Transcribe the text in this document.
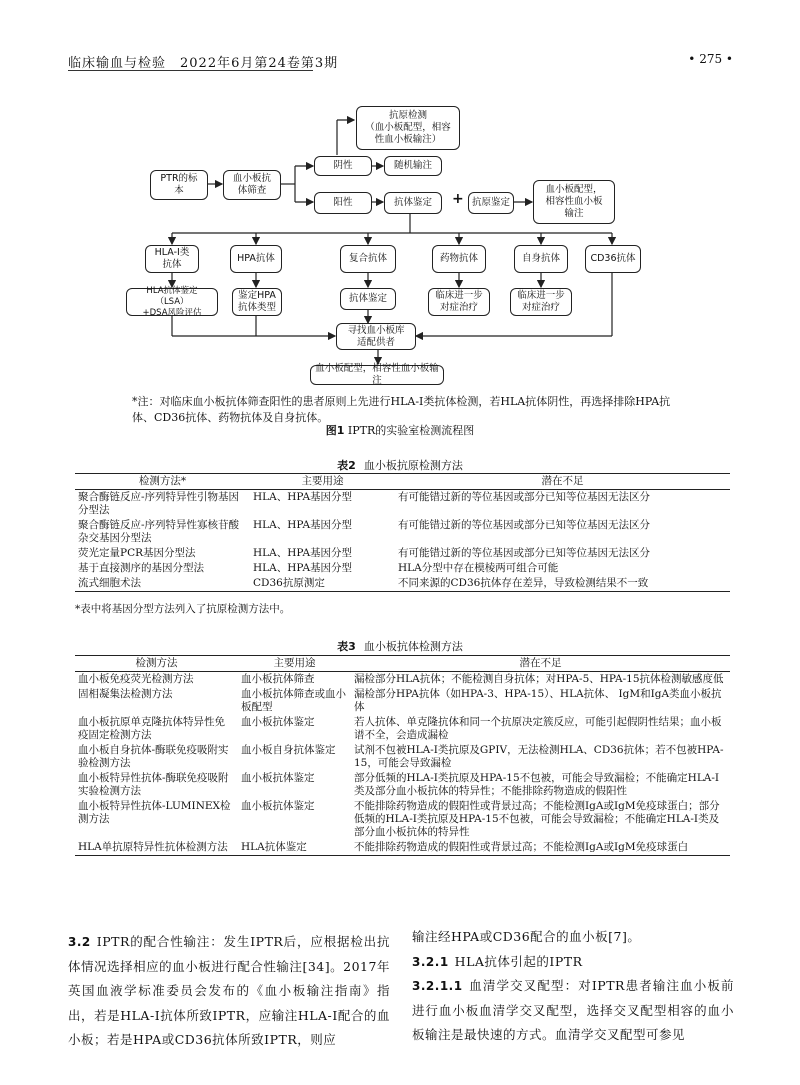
临床输血与检验　2022年6月第24卷第3期	• 275 •
抗原检测
（血小板配型，相容
性血小板输注）
PTR的标
本
血小板抗
体筛查
阴性	随机输注
阳性	抗体鉴定	+ 抗原鉴定
血小板配型，
相容性血小板
输注
HLA-I类
抗体
HPA抗体	复合抗体	药物抗体	自身抗体	CD36抗体
HLA抗体鉴定（LSA）
+DSA风险评估
鉴定HPA
抗体类型
抗体鉴定	临床进一步
对症治疗
临床进一步
对症治疗
寻找血小板库
适配供者
血小板配型，相容性血小板输注
*注：对临床血小板抗体筛查阳性的患者原则上先进行HLA-I类抗体检测，若HLA抗体阴性，再选择排除HPA抗体、CD36抗体、药物抗体及自身抗体。
图1 IPTR的实验室检测流程图
表2 血小板抗原检测方法
检测方法*	主要用途	潜在不足
聚合酶链反应-序列特异性引物基因分型法	HLA、HPA基因分型	有可能错过新的等位基因或部分已知等位基因无法区分
聚合酶链反应-序列特异性寡核苷酸杂交基因分型法	HLA、HPA基因分型	有可能错过新的等位基因或部分已知等位基因无法区分
荧光定量PCR基因分型法	HLA、HPA基因分型	有可能错过新的等位基因或部分已知等位基因无法区分
基于直接测序的基因分型法	HLA、HPA基因分型	HLA分型中存在模棱两可组合可能
流式细胞术法	CD36抗原测定	不同来源的CD36抗体存在差异，导致检测结果不一致
*表中将基因分型方法列入了抗原检测方法中。
表3 血小板抗体检测方法
检测方法	主要用途	潜在不足
血小板免疫荧光检测方法	血小板抗体筛查	漏检部分HLA抗体；不能检测自身抗体；对HPA-5、HPA-15抗体检测敏感度低
固相凝集法检测方法	血小板抗体筛查或血小板配型	漏检部分HPA抗体（如HPA-3、HPA-15）、HLA抗体、 IgM和IgA类血小板抗体
血小板抗原单克隆抗体特异性免疫固定检测方法	血小板抗体鉴定	若人抗体、单克隆抗体和同一个抗原决定簇反应，可能引起假阴性结果；血小板谱不全，会造成漏检
血小板自身抗体-酶联免疫吸附实验检测方法	血小板自身抗体鉴定	试剂不包被HLA-Ⅰ类抗原及GPIV，无法检测HLA、CD36抗体；若不包被HPA-15，可能会导致漏检
血小板特异性抗体-酶联免疫吸附实验检测方法	血小板抗体鉴定	部分低频的HLA-Ⅰ类抗原及HPA-15不包被，可能会导致漏检；不能确定HLA-Ⅰ类及部分血小板抗体的特异性；不能排除药物造成的假阳性
血小板特异性抗体-LUMINEX检测方法	血小板抗体鉴定	不能排除药物造成的假阳性或背景过高；不能检测IgA或IgM免疫球蛋白；部分低频的HLA-Ⅰ类抗原及HPA-15不包被，可能会导致漏检；不能确定HLA-Ⅰ类及部分血小板抗体的特异性
HLA单抗原特异性抗体检测方法	HLA抗体鉴定	不能排除药物造成的假阳性或背景过高；不能检测IgA或IgM免疫球蛋白

3.2 IPTR的配合性输注：发生IPTR后，应根据检出抗体情况选择相应的血小板进行配合性输注[34]。2017年英国血液学标准委员会发布的《血小板输注指南》指出，若是HLA-Ⅰ抗体所致IPTR，应输注HLA-Ⅰ配合的血小板；若是HPA或CD36抗体所致IPTR，则应

输注经HPA或CD36配合的血小板[7]。

3.2.1 HLA抗体引起的IPTR

3.2.1.1 血清学交叉配型：对IPTR患者输注血小板前进行血小板血清学交叉配型，选择交叉配型相容的血小板输注是最快速的方式。血清学交叉配型可参见
